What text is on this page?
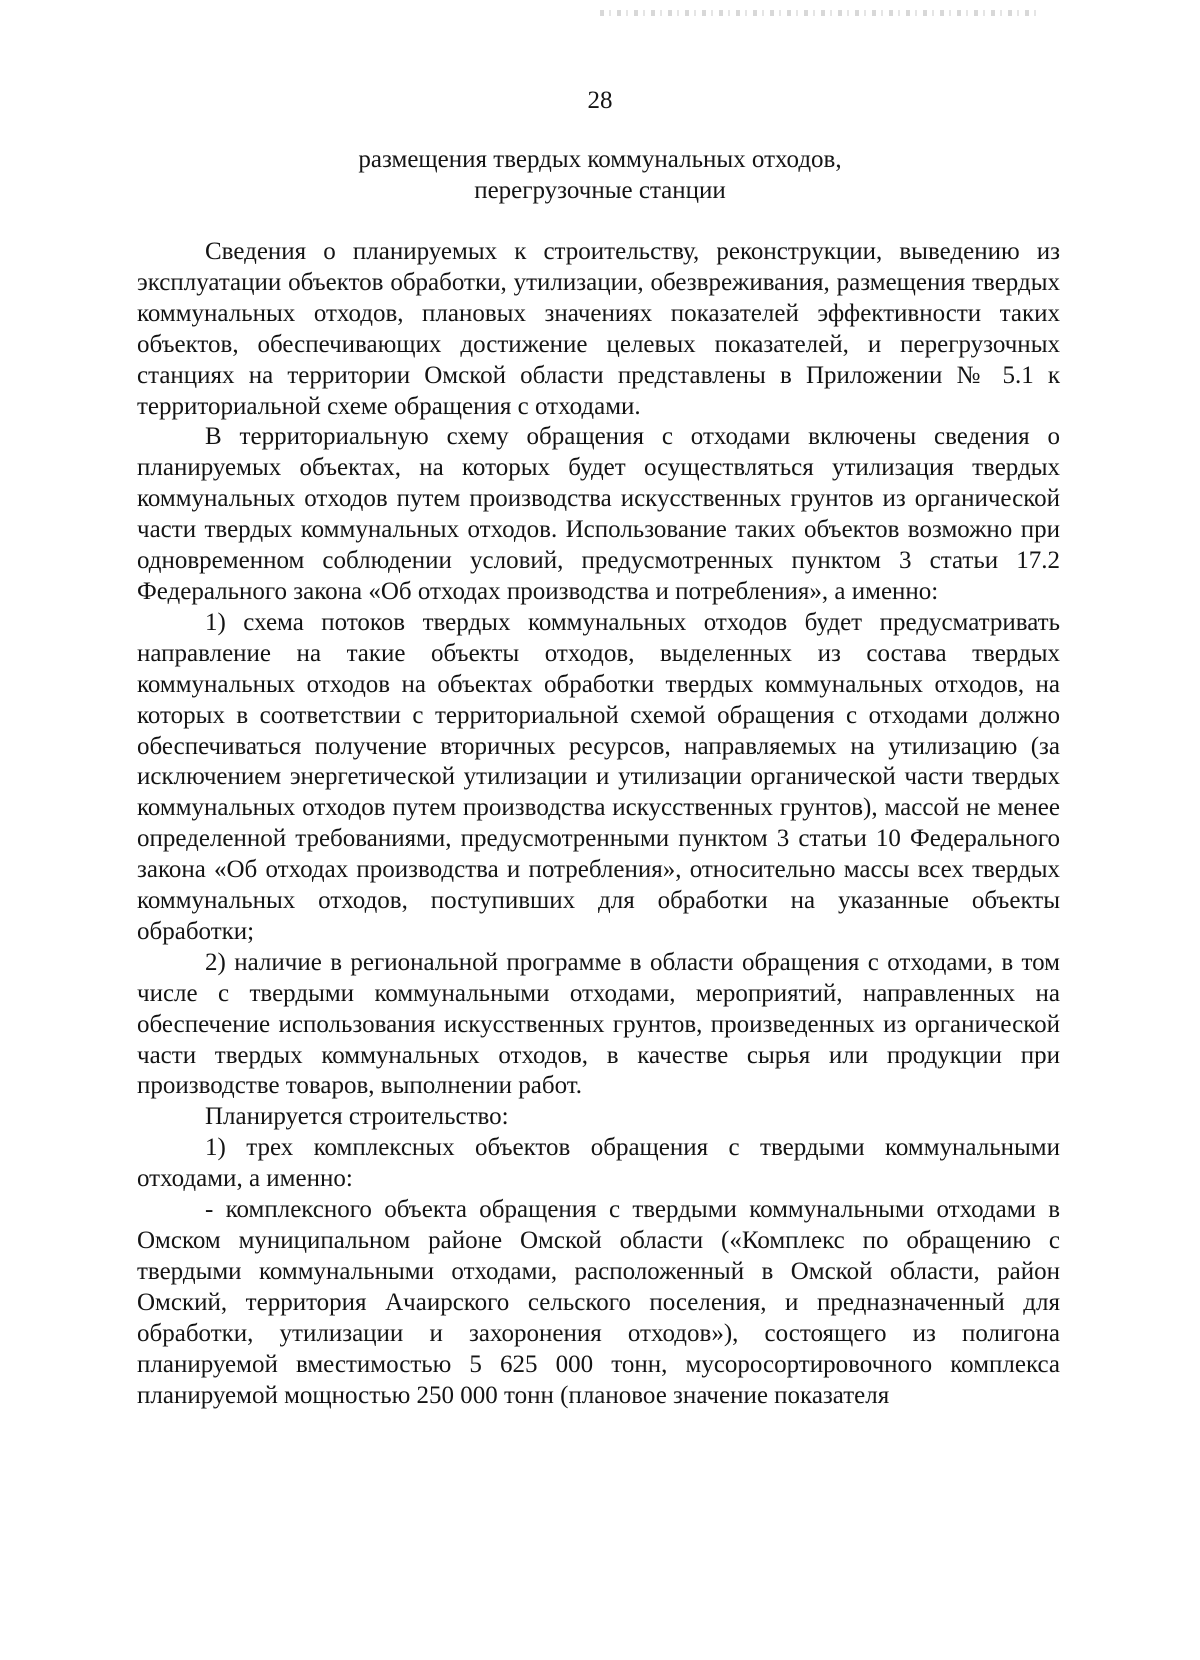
28
размещения твердых коммунальных отходов,
перегрузочные станции

Сведения о планируемых к строительству, реконструкции, выведению из эксплуатации объектов обработки, утилизации, обезвреживания, размещения твердых коммунальных отходов, плановых значениях показателей эффективности таких объектов, обеспечивающих достижение целевых показателей, и перегрузочных станциях на территории Омской области представлены в Приложении № 5.1 к территориальной схеме обращения с отходами.

В территориальную схему обращения с отходами включены сведения о планируемых объектах, на которых будет осуществляться утилизация твердых коммунальных отходов путем производства искусственных грунтов из органической части твердых коммунальных отходов. Использование таких объектов возможно при одновременном соблюдении условий, предусмотренных пунктом 3 статьи 17.2 Федерального закона «Об отходах производства и потребления», а именно:

1) схема потоков твердых коммунальных отходов будет предусматривать направление на такие объекты отходов, выделенных из состава твердых коммунальных отходов на объектах обработки твердых коммунальных отходов, на которых в соответствии с территориальной схемой обращения с отходами должно обеспечиваться получение вторичных ресурсов, направляемых на утилизацию (за исключением энергетической утилизации и утилизации органической части твердых коммунальных отходов путем производства искусственных грунтов), массой не менее определенной требованиями, предусмотренными пунктом 3 статьи 10 Федерального закона «Об отходах производства и потребления», относительно массы всех твердых коммунальных отходов, поступивших для обработки на указанные объекты обработки;

2) наличие в региональной программе в области обращения с отходами, в том числе с твердыми коммунальными отходами, мероприятий, направленных на обеспечение использования искусственных грунтов, произведенных из органической части твердых коммунальных отходов, в качестве сырья или продукции при производстве товаров, выполнении работ.

Планируется строительство:

1) трех комплексных объектов обращения с твердыми коммунальными отходами, а именно:

- комплексного объекта обращения с твердыми коммунальными отходами в Омском муниципальном районе Омской области («Комплекс по обращению с твердыми коммунальными отходами, расположенный в Омской области, район Омский, территория Ачаирского сельского поселения, и предназначенный для обработки, утилизации и захоронения отходов»), состоящего из полигона планируемой вместимостью 5 625 000 тонн, мусоросортировочного комплекса планируемой мощностью 250 000 тонн (плановое значение показателя
